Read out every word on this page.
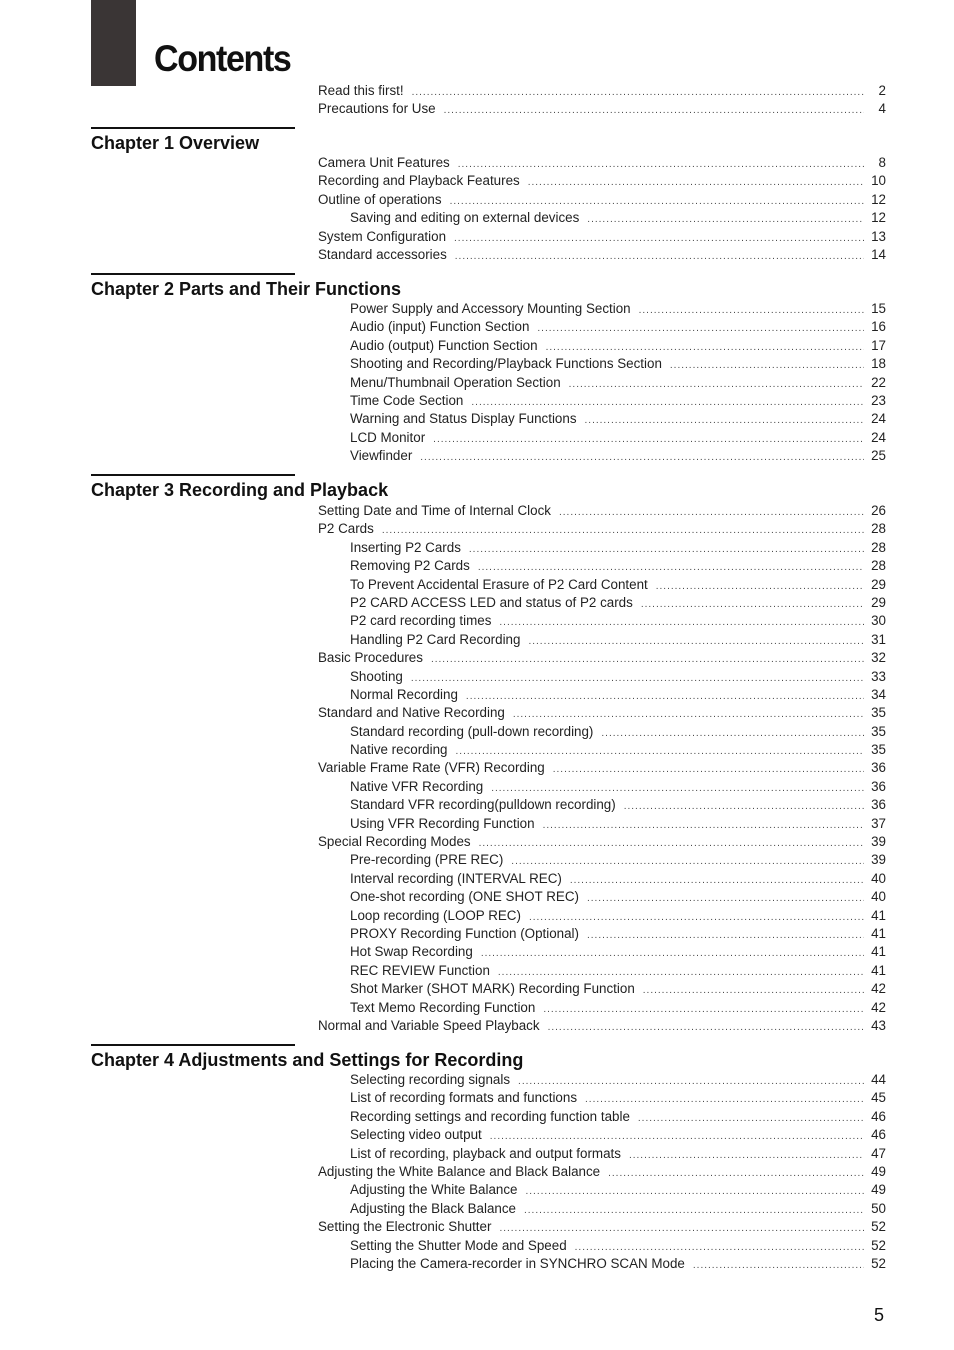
Contents
Read this first! .....	2
Precautions for Use .....	4
Chapter 1 Overview
Camera Unit Features .....	8
Recording and Playback Features .....	10
Outline of operations .....	12
Saving and editing on external devices .....	12
System Configuration .....	13
Standard accessories .....	14
Chapter 2 Parts and Their Functions
Power Supply and Accessory Mounting Section .....	15
Audio (input) Function Section .....	16
Audio (output) Function Section .....	17
Shooting and Recording/Playback Functions Section .....	18
Menu/Thumbnail Operation Section .....	22
Time Code Section .....	23
Warning and Status Display Functions .....	24
LCD Monitor .....	24
Viewfinder .....	25
Chapter 3 Recording and Playback
Setting Date and Time of Internal Clock .....	26
P2 Cards .....	28
Inserting P2 Cards .....	28
Removing P2 Cards .....	28
To Prevent Accidental Erasure of P2 Card Content .....	29
P2 CARD ACCESS LED and status of P2 cards .....	29
P2 card recording times .....	30
Handling P2 Card Recording .....	31
Basic Procedures .....	32
Shooting .....	33
Normal Recording .....	34
Standard and Native Recording .....	35
Standard recording (pull-down recording) .....	35
Native recording .....	35
Variable Frame Rate (VFR) Recording .....	36
Native VFR Recording .....	36
Standard VFR recording(pulldown recording) .....	36
Using VFR Recording Function .....	37
Special Recording Modes .....	39
Pre-recording (PRE REC) .....	39
Interval recording (INTERVAL REC) .....	40
One-shot recording (ONE SHOT REC) .....	40
Loop recording (LOOP REC) .....	41
PROXY Recording Function (Optional) .....	41
Hot Swap Recording .....	41
REC REVIEW Function .....	41
Shot Marker (SHOT MARK) Recording Function .....	42
Text Memo Recording Function .....	42
Normal and Variable Speed Playback .....	43
Chapter 4 Adjustments and Settings for Recording
Selecting recording signals .....	44
List of recording formats and functions .....	45
Recording settings and recording function table .....	46
Selecting video output .....	46
List of recording, playback and output formats .....	47
Adjusting the White Balance and Black Balance .....	49
Adjusting the White Balance .....	49
Adjusting the Black Balance .....	50
Setting the Electronic Shutter .....	52
Setting the Shutter Mode and Speed .....	52
Placing the Camera-recorder in SYNCHRO SCAN Mode .....	52
5
